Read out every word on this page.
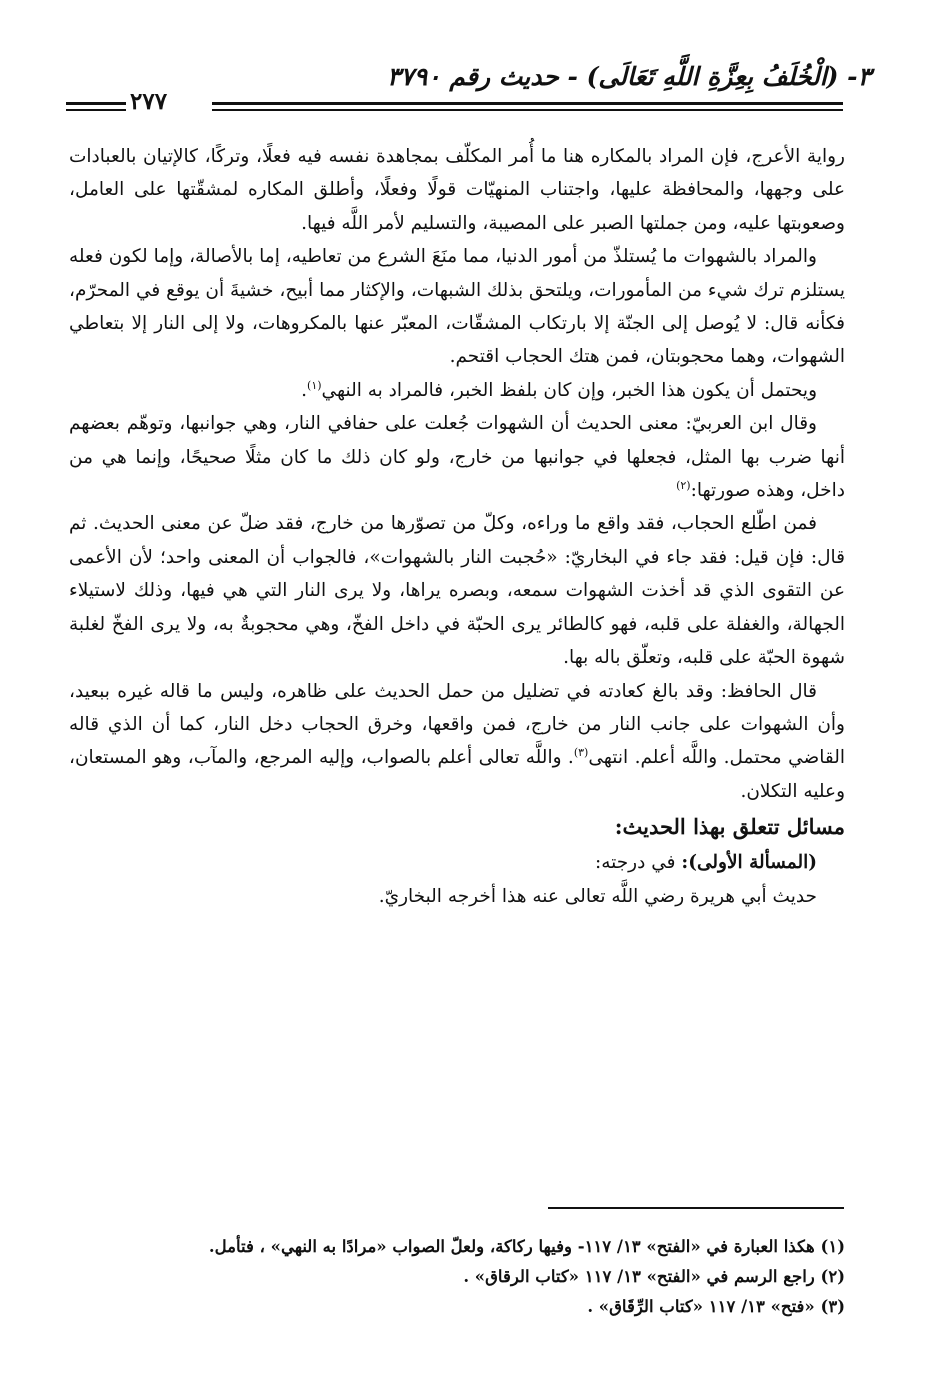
٣- (الْخُلَفُ بِعِزَّةِ اللَّهِ تَعَالَى) - حديث رقم ٣٧٩٠
٢٧٧

رواية الأعرج، فإن المراد بالمكاره هنا ما أُمر المكلّف بمجاهدة نفسه فيه فعلًا، وتركًا، كالإتيان بالعبادات على وجهها، والمحافظة عليها، واجتناب المنهيّات قولًا وفعلًا، وأطلق المكاره لمشقّتها على العامل، وصعوبتها عليه، ومن جملتها الصبر على المصيبة، والتسليم لأمر اللَّه فيها.

والمراد بالشهوات ما يُستلذّ من أمور الدنيا، مما منَعَ الشرع من تعاطيه، إما بالأصالة، وإما لكون فعله يستلزم ترك شيء من المأمورات، ويلتحق بذلك الشبهات، والإكثار مما أبيح، خشيةَ أن يوقع في المحرّم، فكأنه قال: لا يُوصل إلى الجنّة إلا بارتكاب المشقّات، المعبّر عنها بالمكروهات، ولا إلى النار إلا بتعاطي الشهوات، وهما محجوبتان، فمن هتك الحجاب اقتحم.

ويحتمل أن يكون هذا الخبر، وإن كان بلفظ الخبر، فالمراد به النهي$^{(١)}$.

وقال ابن العربيّ: معنى الحديث أن الشهوات جُعلت على حفافي النار، وهي جوانبها، وتوهّم بعضهم أنها ضرب بها المثل، فجعلها في جوانبها من خارج، ولو كان ذلك ما كان مثلًا صحيحًا، وإنما هي من داخل، وهذه صورتها:$^{(٢)}$

فمن اطّلع الحجاب، فقد واقع ما وراءه، وكلّ من تصوّرها من خارج، فقد ضلّ عن معنى الحديث. ثم قال: فإن قيل: فقد جاء في البخاريّ: «حُجبت النار بالشهوات»، فالجواب أن المعنى واحد؛ لأن الأعمى عن التقوى الذي قد أخذت الشهوات سمعه، وبصره يراها، ولا يرى النار التي هي فيها، وذلك لاستيلاء الجهالة، والغفلة على قلبه، فهو كالطائر يرى الحبّة في داخل الفخّ، وهي محجوبةٌ به، ولا يرى الفخّ لغلبة شهوة الحبّة على قلبه، وتعلّق باله بها.

قال الحافظ: وقد بالغ كعادته في تضليل من حمل الحديث على ظاهره، وليس ما قاله غيره ببعيد، وأن الشهوات على جانب النار من خارج، فمن واقعها، وخرق الحجاب دخل النار، كما أن الذي قاله القاضي محتمل. واللَّه أعلم. انتهى$^{(٣)}$. واللَّه تعالى أعلم بالصواب، وإليه المرجع، والمآب، وهو المستعان، وعليه التكلان.

مسائل تتعلق بهذا الحديث:

(المسألة الأولى): في درجته:

حديث أبي هريرة رضي اللَّه تعالى عنه هذا أخرجه البخاريّ.

(١) هكذا العبارة في «الفتح» ١٣/ ١١٧- وفيها ركاكة، ولعلّ الصواب «مرادًا به النهي» ، فتأمل.

(٢) راجع الرسم في «الفتح» ١٣/ ١١٧ «كتاب الرقاق» .

(٣) «فتح» ١٣/ ١١٧ «كتاب الرِّقَاق» .
